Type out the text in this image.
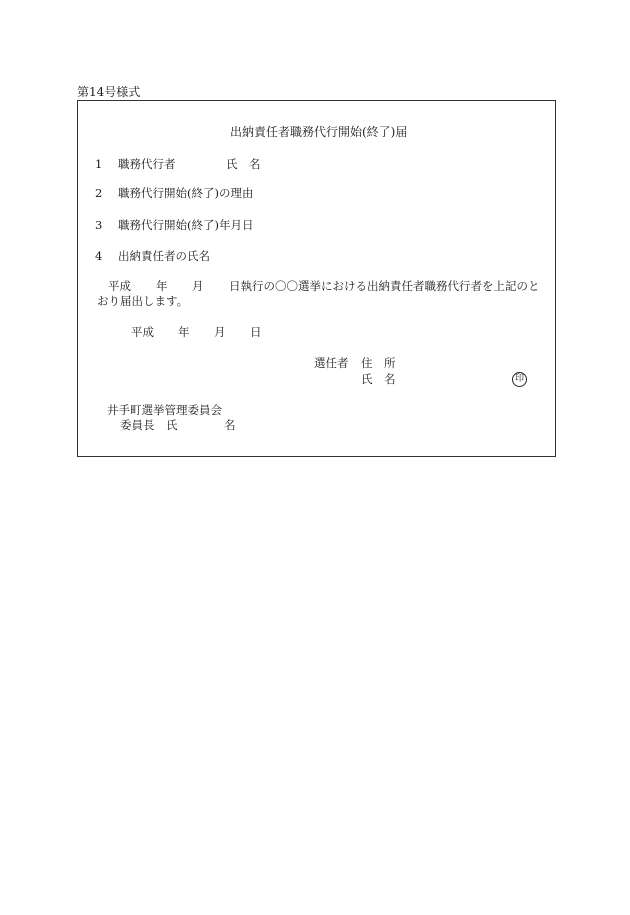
第14号様式
出納責任者職務代行開始(終了)届
1 職務代行者	氏 名
2 職務代行開始(終了)の理由
3 職務代行開始(終了)年月日
4 出納責任者の氏名
平成 年 月 日執行の〇〇選挙における出納責任者職務代行者を上記のと
おり届出します。
平成 年 月 日
選任者 住 所
氏 名	印
井手町選挙管理委員会
委員長 氏	名
